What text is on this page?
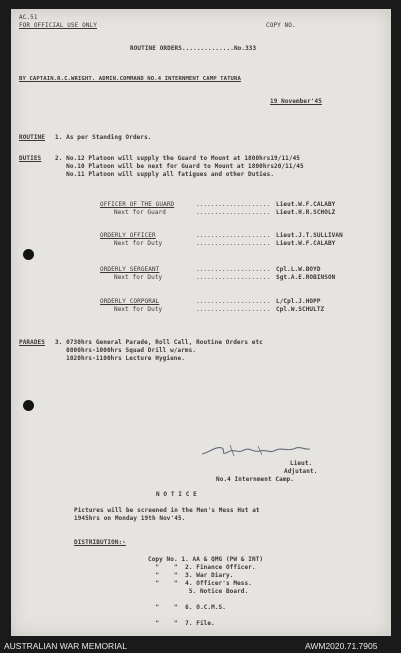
AC.51
FOR OFFICIAL USE ONLY	COPY NO.
ROUTINE ORDERS..............No.333
BY CAPTAIN.R.C.WRIGHT. ADMIN.COMMAND NO.4 INTERNMENT CAMP TATURA
19 November'45
ROUTINE 1. As per Standing Orders.
DUTIES 2. No.12 Platoon will supply the Guard to Mount at 1800hrs19/11/45
No.10 Platoon will be next for Guard to Mount at 1800hrs20/11/45
No.11 Platoon will supply all fatigues and other Duties.
OFFICER OF THE GUARD	.................... Lieut.W.F.CALABY
Next for Guard	.................... Lieut.H.R.SCHOLZ
ORDERLY OFFICER	.................... Lieut.J.T.SULLIVAN
Next for Duty	.................... Lieut.W.F.CALABY
ORDERLY SERGEANT	.................... Cpl.L.W.BOYD
Next for Duty	.................... Sgt.A.E.ROBINSON
ORDERLY CORPORAL	.................... L/Cpl.J.HOPP
Next for Duty	.................... Cpl.W.SCHULTZ
PARADES 3. 0730hrs General Parade, Roll Call, Routine Orders etc
0800hrs-1000hrs Squad Drill w/arms.
1020hrs-1100hrs Lecture Hygiene.
Lieut.
Adjutant.
No.4 Internment Camp.
N O T I C E
Pictures will be screened in the Men's Mess Hut at
1945hrs on Monday 19th Nov'45.
DISTRIBUTION:-
Copy No. 1. AA & QMG (PW & INT)
"    "  2. Finance Officer.
"    "  3. War Diary.
"    "  4. Officer's Mess.
5. Notice Board.
"    "  6. O.C.M.S.
"    "  7. File.
AUSTRALIAN WAR MEMORIAL	AWM2020.71.7905
